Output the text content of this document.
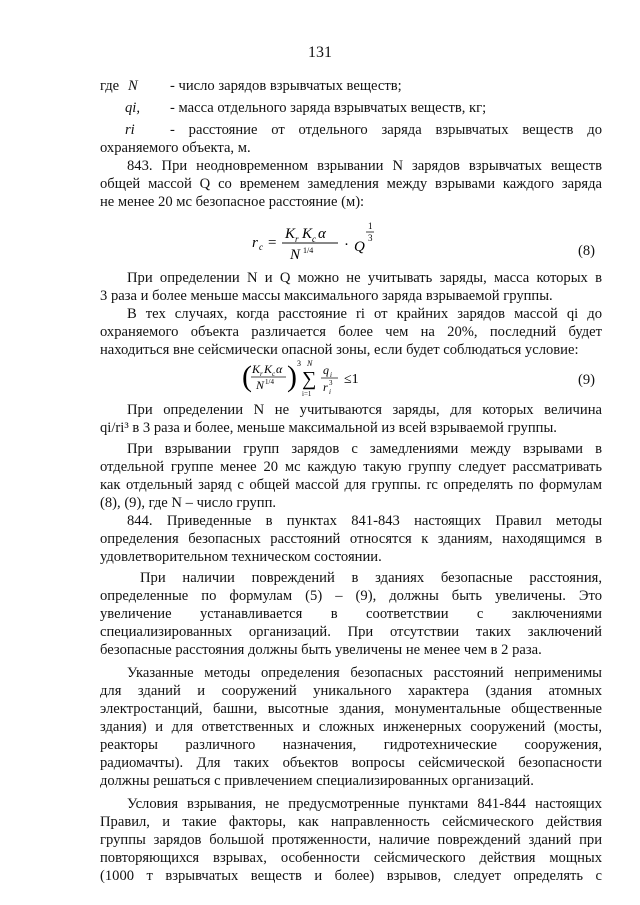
131
где N - число зарядов взрывчатых веществ;
qi, - масса отдельного заряда взрывчатых веществ, кг;
ri - расстояние от отдельного заряда взрывчатых веществ до
охраняемого объекта, м.
843. При неодновременном взрывании N зарядов взрывчатых веществ
общей массой Q со временем замедления между взрывами каждого заряда
не менее 20 мс безопасное расстояние (м):
r с =
K r K c α
N 1/4 · Q
1
3
(8)
При определении N и Q можно не учитывать заряды, масса которых в
3 раза и более меньше массы максимального заряда взрываемой группы.
В тех случаях, когда расстояние ri от крайних зарядов массой qi до
охраняемого объекта различается более чем на 20%, последний будет
находиться вне сейсмически опасной зоны, если будет соблюдаться условие:
( K r K c α
N 1/4 ) 3 N
∑
i=1
q i
r 3
i
≤1	(9)
При определении N не учитываются заряды, для которых величина
qi/ri³ в 3 раза и более, меньше максимальной из всей взрываемой группы.
При взрывании групп зарядов с замедлениями между взрывами в
отдельной группе менее 20 мс каждую такую группу следует рассматривать
как отдельный заряд с общей массой для группы. rc определять по формулам
(8), (9), где N – число групп.
844. Приведенные в пунктах 841-843 настоящих Правил методы
определения безопасных расстояний относятся к зданиям, находящимся в
удовлетворительном техническом состоянии.
При наличии повреждений в зданиях безопасные расстояния,
определенные по формулам (5) – (9), должны быть увеличены. Это
увеличение устанавливается в соответствии с заключениями
специализированных организаций. При отсутствии таких заключений
безопасные расстояния должны быть увеличены не менее чем в 2 раза.
Указанные методы определения безопасных расстояний неприменимы
для зданий и сооружений уникального характера (здания атомных
электростанций, башни, высотные здания, монументальные общественные
здания) и для ответственных и сложных инженерных сооружений (мосты,
реакторы различного назначения, гидротехнические сооружения,
радиомачты). Для таких объектов вопросы сейсмической безопасности
должны решаться с привлечением специализированных организаций.
Условия взрывания, не предусмотренные пунктами 841-844 настоящих
Правил, и такие факторы, как направленность сейсмического действия
группы зарядов большой протяженности, наличие повреждений зданий при
повторяющихся взрывах, особенности сейсмического действия мощных
(1000 т взрывчатых веществ и более) взрывов, следует определять с
